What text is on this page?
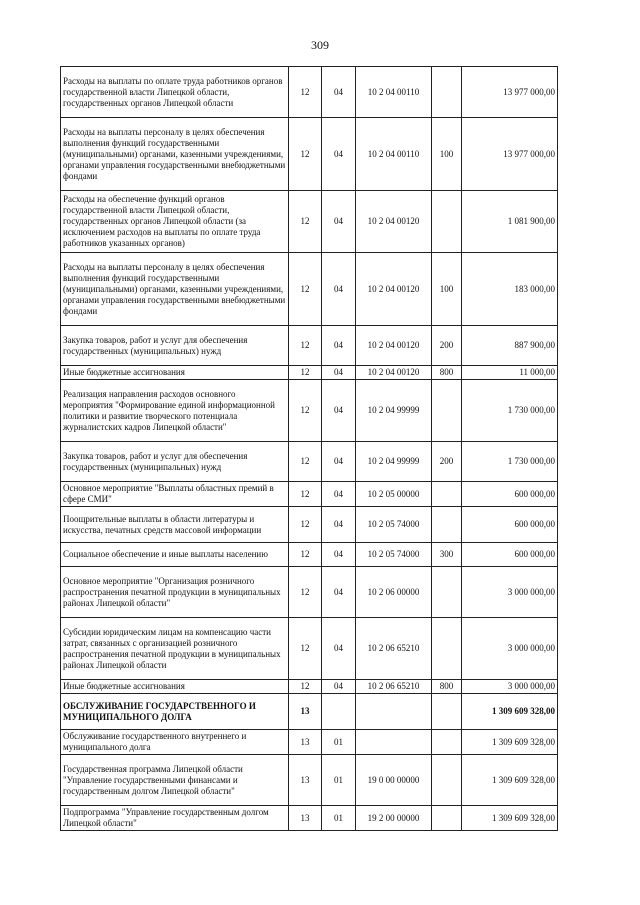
309
Расходы на выплаты по оплате труда работников органов государственной власти Липецкой области, государственных органов Липецкой области	12	04	10 2 04 00110		13 977 000,00
Расходы на выплаты персоналу в целях обеспечения выполнения функций государственными (муниципальными) органами, казенными учреждениями, органами управления государственными внебюджетными фондами	12	04	10 2 04 00110	100	13 977 000,00
Расходы на обеспечение функций органов государственной власти Липецкой области, государственных органов Липецкой области (за исключением расходов на выплаты по оплате труда работников указанных органов)	12	04	10 2 04 00120		1 081 900,00
Расходы на выплаты персоналу в целях обеспечения выполнения функций государственными (муниципальными) органами, казенными учреждениями, органами управления государственными внебюджетными фондами	12	04	10 2 04 00120	100	183 000,00
Закупка товаров, работ и услуг для обеспечения государственных (муниципальных) нужд	12	04	10 2 04 00120	200	887 900,00
Иные бюджетные ассигнования	12	04	10 2 04 00120	800	11 000,00
Реализация направления расходов основного мероприятия "Формирование единой информационной политики и развитие творческого потенциала журналистских кадров Липецкой области"	12	04	10 2 04 99999		1 730 000,00
Закупка товаров, работ и услуг для обеспечения государственных (муниципальных) нужд	12	04	10 2 04 99999	200	1 730 000,00
Основное мероприятие "Выплаты областных премий в сфере СМИ"	12	04	10 2 05 00000		600 000,00
Поощрительные выплаты в области литературы и искусства, печатных средств массовой информации	12	04	10 2 05 74000		600 000,00
Социальное обеспечение и иные выплаты населению	12	04	10 2 05 74000	300	600 000,00
Основное мероприятие "Организация розничного распространения печатной продукции в муниципальных районах Липецкой области"	12	04	10 2 06 00000		3 000 000,00
Субсидии юридическим лицам на компенсацию части затрат, связанных с организацией розничного распространения печатной продукции в муниципальных районах Липецкой области	12	04	10 2 06 65210		3 000 000,00
Иные бюджетные ассигнования	12	04	10 2 06 65210	800	3 000 000,00
ОБСЛУЖИВАНИЕ ГОСУДАРСТВЕННОГО И МУНИЦИПАЛЬНОГО ДОЛГА	13				1 309 609 328,00
Обслуживание государственного внутреннего и муниципального долга	13	01			1 309 609 328,00
Государственная программа Липецкой области "Управление государственными финансами и государственным долгом Липецкой области"	13	01	19 0 00 00000		1 309 609 328,00
Подпрограмма "Управление государственным долгом Липецкой области"	13	01	19 2 00 00000		1 309 609 328,00
